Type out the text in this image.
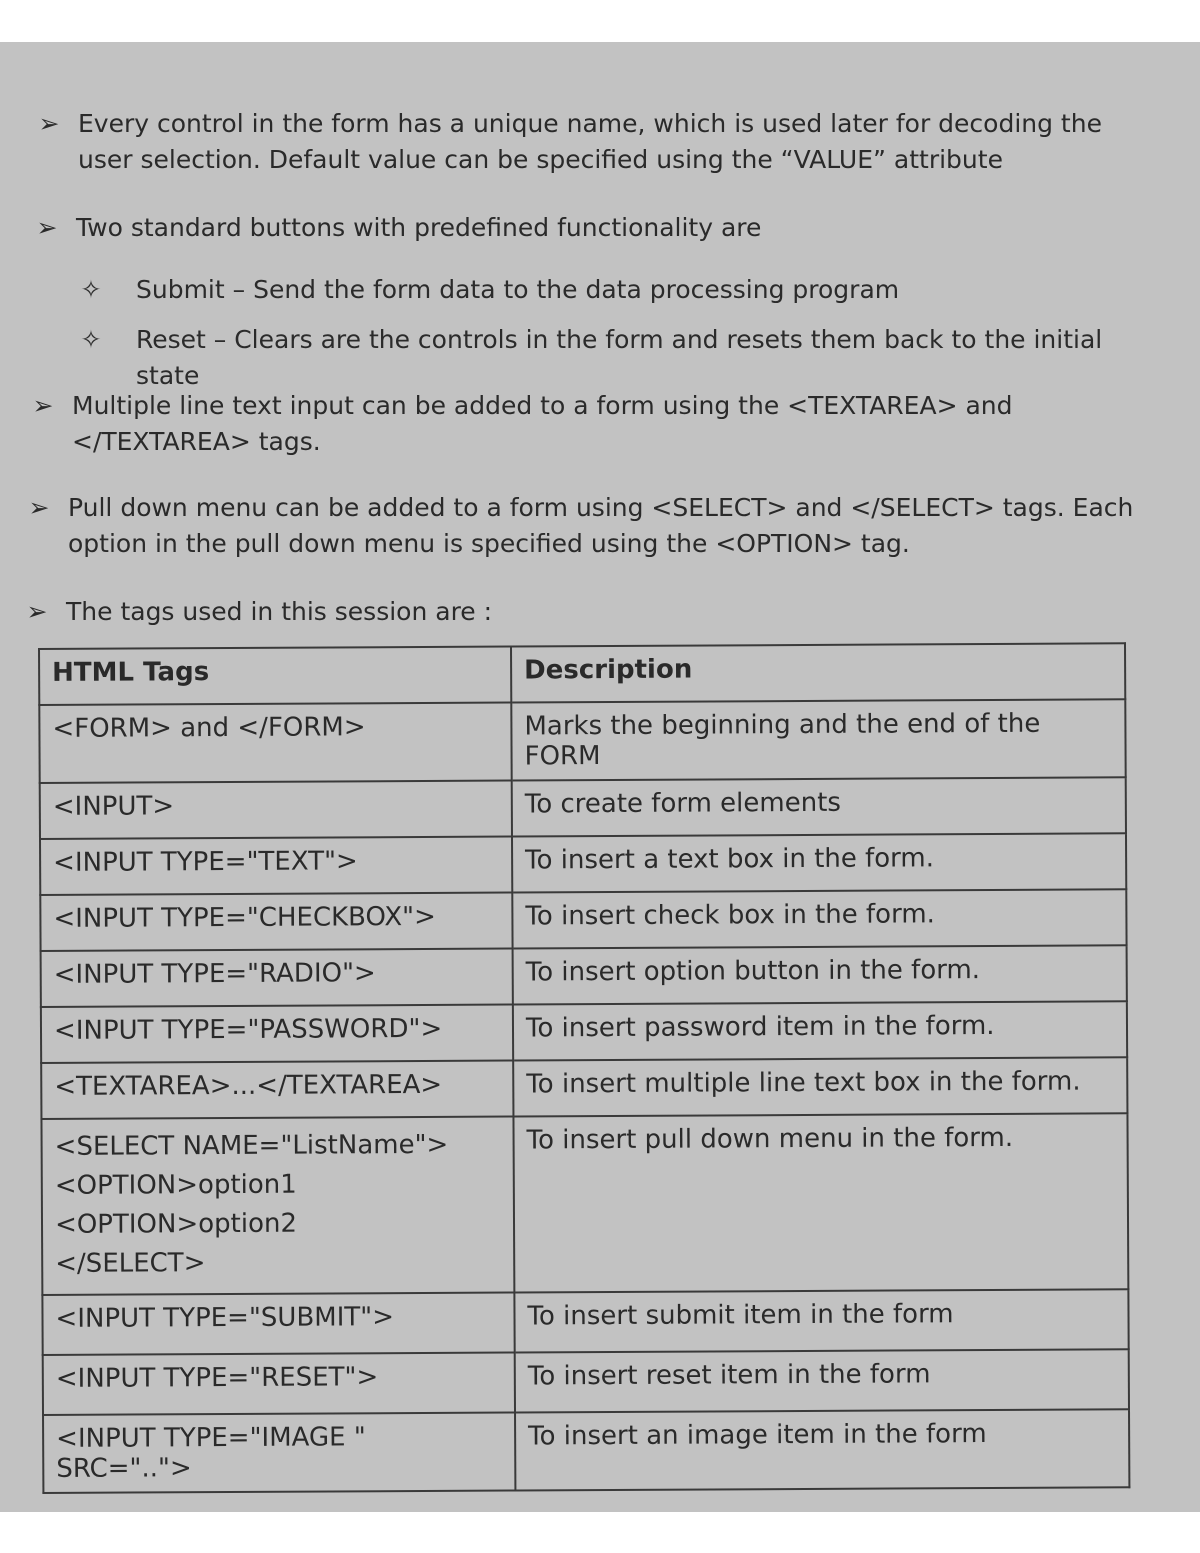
➢ Every control in the form has a unique name, which is used later for decoding the user selection. Default value can be specified using the “VALUE” attribute
➢ Two standard buttons with predefined functionality are
✧ Submit – Send the form data to the data processing program
✧ Reset – Clears are the controls in the form and resets them back to the initial state
➢ Multiple line text input can be added to a form using the <TEXTAREA> and </TEXTAREA> tags.
➢ Pull down menu can be added to a form using <SELECT> and </SELECT> tags. Each option in the pull down menu is specified using the <OPTION> tag.
➢ The tags used in this session are :
HTML Tags	Description
<FORM> and </FORM>	Marks the beginning and the end of the FORM
<INPUT>	To create form elements
<INPUT TYPE="TEXT">	To insert a text box in the form.
<INPUT TYPE="CHECKBOX">	To insert check box in the form.
<INPUT TYPE="RADIO">	To insert option button in the form.
<INPUT TYPE="PASSWORD">	To insert password item in the form.
<TEXTAREA>...</TEXTAREA>	To insert multiple line text box in the form.

<SELECT NAME="ListName">
<OPTION>option1
<OPTION>option2
</SELECT>	To insert pull down menu in the form.
<INPUT TYPE="SUBMIT">	To insert submit item in the form
<INPUT TYPE="RESET">	To insert reset item in the form
<INPUT TYPE="IMAGE " SRC="..">	To insert an image item in the form
